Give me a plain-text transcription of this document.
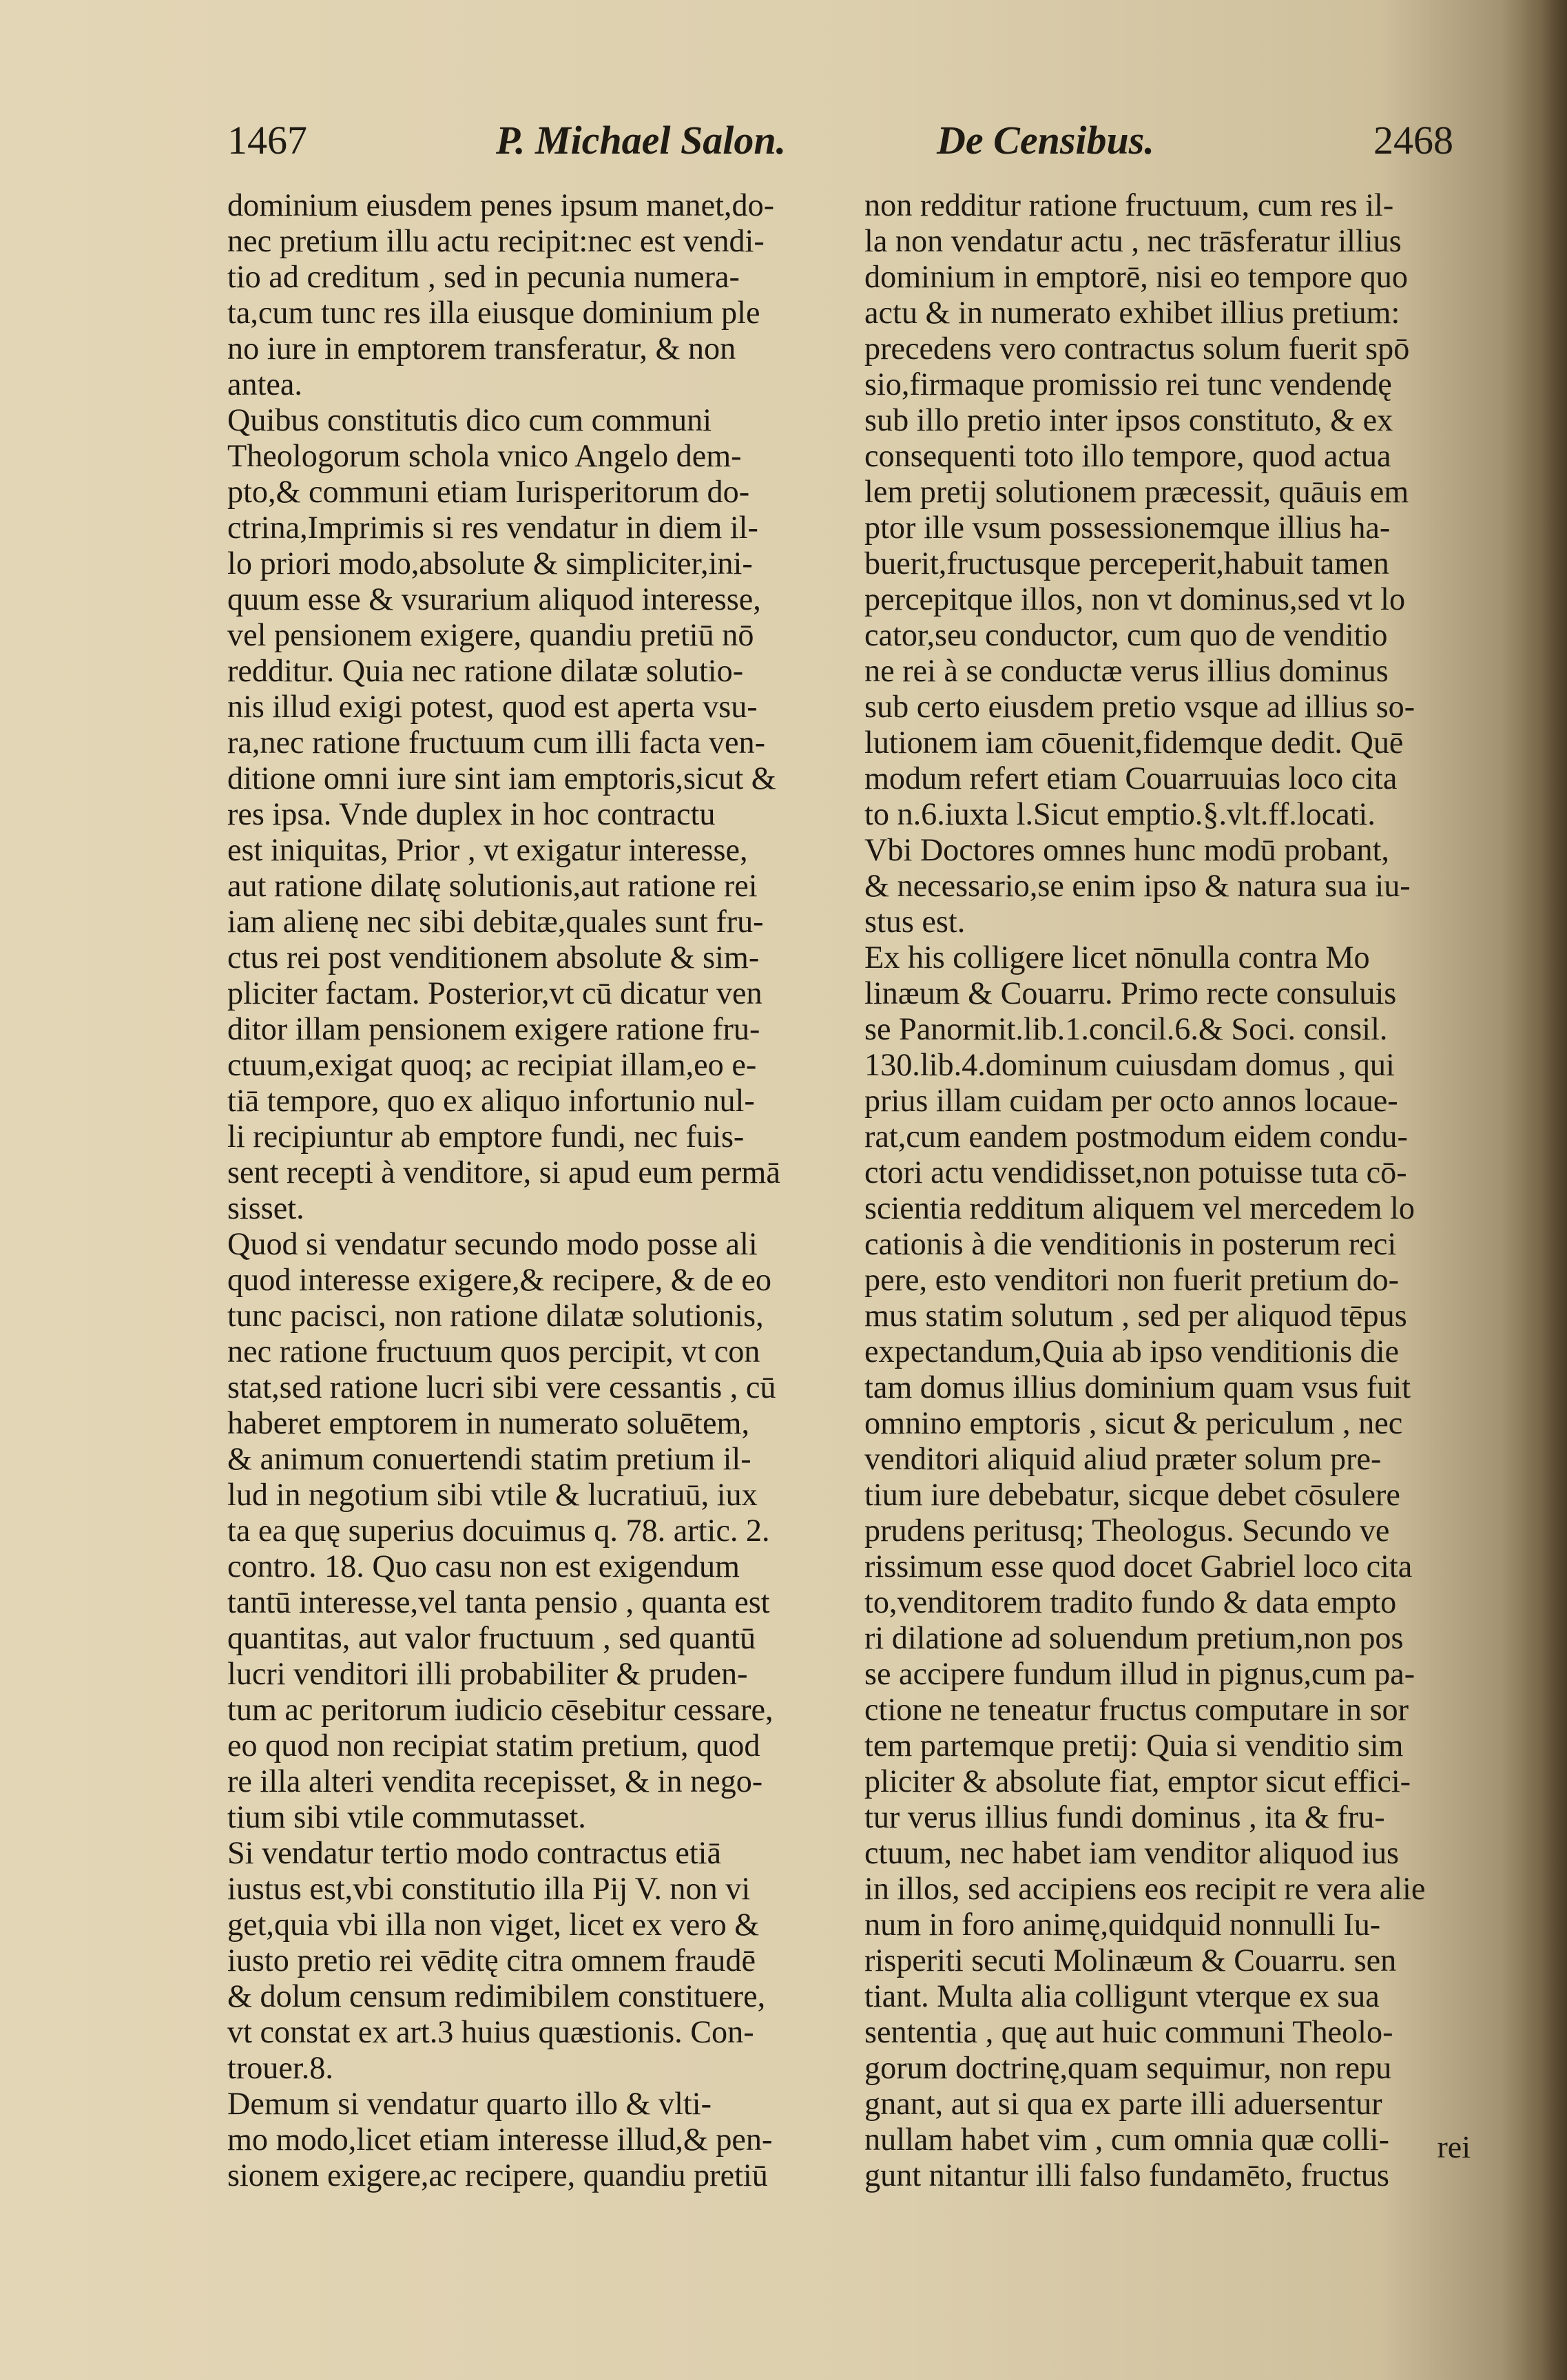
1467	P. Michael Salon.	De Censibus.	2468
dominium eiusdem penes ipsum manet,do-
nec pretium illu actu recipit:nec est vendi-
tio ad creditum , sed in pecunia numera-
ta,cum tunc res illa eiusque dominium ple
no iure in emptorem transferatur, & non
antea.
Quibus constitutis dico cum communi
Theologorum schola vnico Angelo dem-
pto,& communi etiam Iurisperitorum do-
ctrina,Imprimis si res vendatur in diem il-
lo priori modo,absolute & simpliciter,ini-
quum esse & vsurarium aliquod interesse,
vel pensionem exigere, quandiu pretiū nō
redditur. Quia nec ratione dilatæ solutio-
nis illud exigi potest, quod est aperta vsu-
ra,nec ratione fructuum cum illi facta ven-
ditione omni iure sint iam emptoris,sicut &
res ipsa. Vnde duplex in hoc contractu
est iniquitas, Prior , vt exigatur interesse,
aut ratione dilatę solutionis,aut ratione rei
iam alienę nec sibi debitæ,quales sunt fru-
ctus rei post venditionem absolute & sim-
pliciter factam. Posterior,vt cū dicatur ven
ditor illam pensionem exigere ratione fru-
ctuum,exigat quoq; ac recipiat illam,eo e-
tiā tempore, quo ex aliquo infortunio nul-
li recipiuntur ab emptore fundi, nec fuis-
sent recepti à venditore, si apud eum permā
sisset.
Quod si vendatur secundo modo posse ali
quod interesse exigere,& recipere, & de eo
tunc pacisci, non ratione dilatæ solutionis,
nec ratione fructuum quos percipit, vt con
stat,sed ratione lucri sibi vere cessantis , cū
haberet emptorem in numerato soluētem,
& animum conuertendi statim pretium il-
lud in negotium sibi vtile & lucratiuū, iux
ta ea quę superius docuimus q. 78. artic. 2.
contro. 18. Quo casu non est exigendum
tantū interesse,vel tanta pensio , quanta est
quantitas, aut valor fructuum , sed quantū
lucri venditori illi probabiliter & pruden-
tum ac peritorum iudicio cēsebitur cessare,
eo quod non recipiat statim pretium, quod
re illa alteri vendita recepisset, & in nego-
tium sibi vtile commutasset.
Si vendatur tertio modo contractus etiā
iustus est,vbi constitutio illa Pij V. non vi
get,quia vbi illa non viget, licet ex vero &
iusto pretio rei vēditę citra omnem fraudē
& dolum censum redimibilem constituere,
vt constat ex art.3 huius quæstionis. Con-
trouer.8.
Demum si vendatur quarto illo & vlti-
mo modo,licet etiam interesse illud,& pen-
sionem exigere,ac recipere, quandiu pretiū
non redditur ratione fructuum, cum res il-
la non vendatur actu , nec trāsferatur illius
dominium in emptorē, nisi eo tempore quo
actu & in numerato exhibet illius pretium:
precedens vero contractus solum fuerit spō
sio,firmaque promissio rei tunc vendendę
sub illo pretio inter ipsos constituto, & ex
consequenti toto illo tempore, quod actua
lem pretij solutionem præcessit, quāuis em
ptor ille vsum possessionemque illius ha-
buerit,fructusque perceperit,habuit tamen
percepitque illos, non vt dominus,sed vt lo
cator,seu conductor, cum quo de venditio
ne rei à se conductæ verus illius dominus
sub certo eiusdem pretio vsque ad illius so-
lutionem iam cōuenit,fidemque dedit. Quē
modum refert etiam Couarruuias loco cita
to n.6.iuxta l.Sicut emptio.§.vlt.ff.locati.
Vbi Doctores omnes hunc modū probant,
& necessario,se enim ipso & natura sua iu-
stus est.
Ex his colligere licet nōnulla contra Mo
linæum & Couarru. Primo recte consuluis
se Panormit.lib.1.concil.6.& Soci. consil.
130.lib.4.dominum cuiusdam domus , qui
prius illam cuidam per octo annos locaue-
rat,cum eandem postmodum eidem condu-
ctori actu vendidisset,non potuisse tuta cō-
scientia redditum aliquem vel mercedem lo
cationis à die venditionis in posterum reci
pere, esto venditori non fuerit pretium do-
mus statim solutum , sed per aliquod tēpus
expectandum,Quia ab ipso venditionis die
tam domus illius dominium quam vsus fuit
omnino emptoris , sicut & periculum , nec
venditori aliquid aliud præter solum pre-
tium iure debebatur, sicque debet cōsulere
prudens peritusq; Theologus. Secundo ve
rissimum esse quod docet Gabriel loco cita
to,venditorem tradito fundo & data empto
ri dilatione ad soluendum pretium,non pos
se accipere fundum illud in pignus,cum pa-
ctione ne teneatur fructus computare in sor
tem partemque pretij: Quia si venditio sim
pliciter & absolute fiat, emptor sicut effici-
tur verus illius fundi dominus , ita & fru-
ctuum, nec habet iam venditor aliquod ius
in illos, sed accipiens eos recipit re vera alie
num in foro animę,quidquid nonnulli Iu-
risperiti secuti Molinæum & Couarru. sen
tiant. Multa alia colligunt vterque ex sua
sententia , quę aut huic communi Theolo-
gorum doctrinę,quam sequimur, non repu
gnant, aut si qua ex parte illi aduersentur
nullam habet vim , cum omnia quæ colli-
gunt nitantur illi falso fundamēto, fructus
rei
